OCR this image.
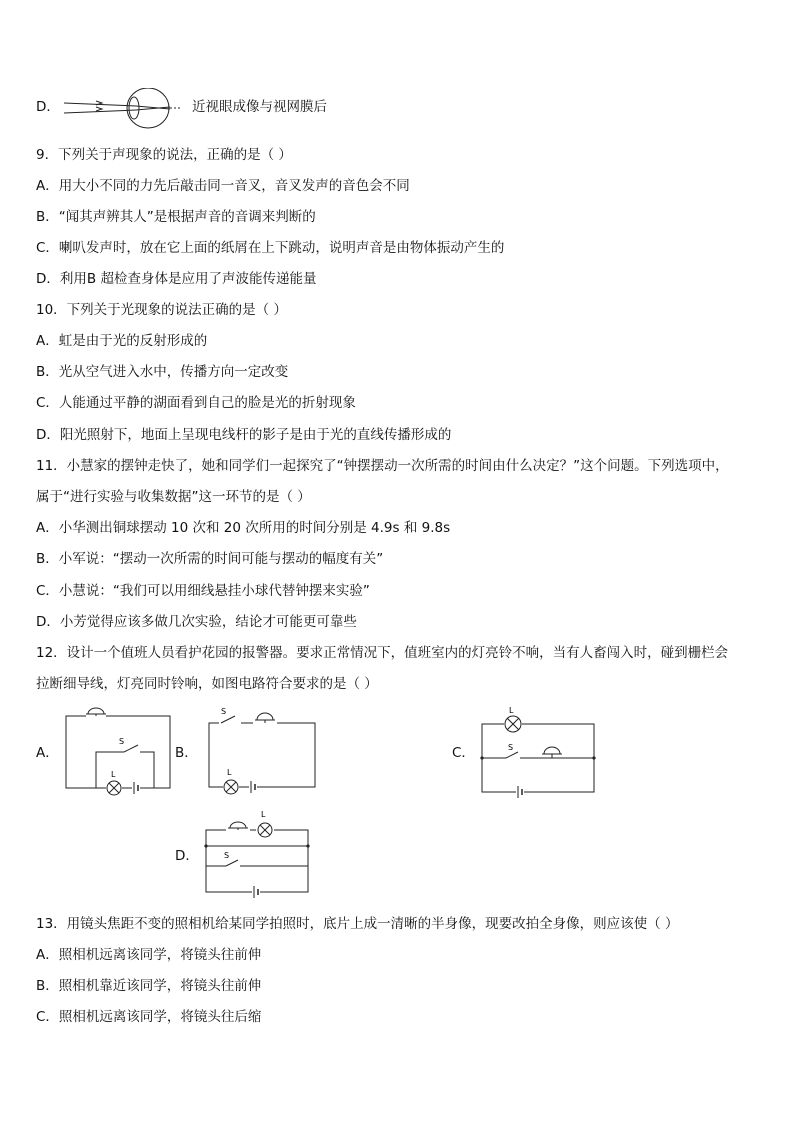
D．	近视眼成像与视网膜后
9．下列关于声现象的说法，正确的是（ ）
A．用大小不同的力先后敲击同一音叉，音叉发声的音色会不同
B．“闻其声辨其人”是根据声音的音调来判断的
C．喇叭发声时，放在它上面的纸屑在上下跳动，说明声音是由物体振动产生的
D．利用B 超检查身体是应用了声波能传递能量
10．下列关于光现象的说法正确的是（ ）
A．虹是由于光的反射形成的
B．光从空气进入水中，传播方向一定改变
C．人能通过平静的湖面看到自己的脸是光的折射现象
D．阳光照射下，地面上呈现电线杆的影子是由于光的直线传播形成的
11．小慧家的摆钟走快了，她和同学们一起探究了“钟摆摆动一次所需的时间由什么决定？”这个问题。下列选项中，
属于“进行实验与收集数据”这一环节的是（ ）
A．小华测出铜球摆动 10 次和 20 次所用的时间分别是 4.9s 和 9.8s
B．小军说：“摆动一次所需的时间可能与摆动的幅度有关”
C．小慧说：“我们可以用细线悬挂小球代替钟摆来实验”
D．小芳觉得应该多做几次实验，结论才可能更可靠些
12．设计一个值班人员看护花园的报警器。要求正常情况下，值班室内的灯亮铃不响，当有人畜闯入时，碰到栅栏会
拉断细导线，灯亮同时铃响，如图电路符合要求的是（ ）
A．
S
L
B．
S
L
C．
L
S
D．
L
S
13．用镜头焦距不变的照相机给某同学拍照时，底片上成一清晰的半身像，现要改拍全身像，则应该使（ ）
A．照相机远离该同学，将镜头往前伸
B．照相机靠近该同学，将镜头往前伸
C．照相机远离该同学，将镜头往后缩
